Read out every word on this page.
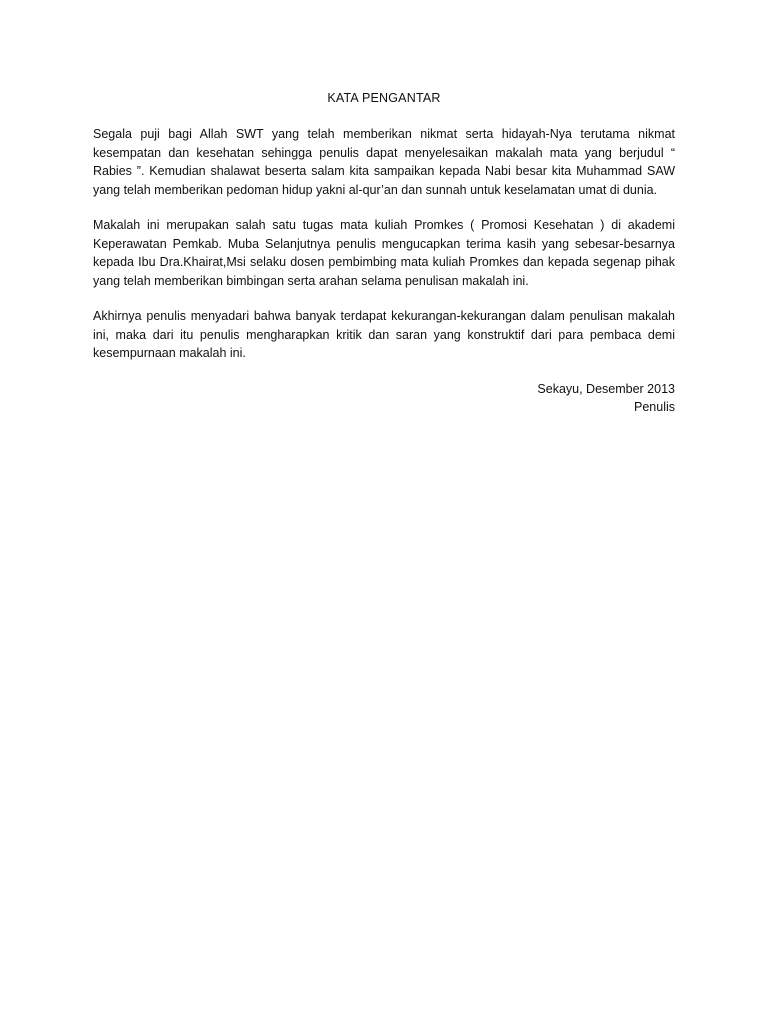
KATA PENGANTAR

Segala puji bagi Allah SWT yang telah memberikan nikmat serta hidayah-Nya terutama nikmat kesempatan dan kesehatan sehingga penulis dapat menyelesaikan makalah mata yang berjudul “ Rabies ”. Kemudian shalawat beserta salam kita sampaikan kepada Nabi besar kita Muhammad SAW yang telah memberikan pedoman hidup yakni al-qur’an dan sunnah untuk keselamatan umat di dunia.

Makalah ini merupakan salah satu tugas mata kuliah Promkes ( Promosi Kesehatan ) di akademi Keperawatan Pemkab. Muba Selanjutnya penulis mengucapkan terima kasih yang sebesar-besarnya kepada Ibu Dra.Khairat,Msi selaku dosen pembimbing mata kuliah Promkes dan kepada segenap pihak yang telah memberikan bimbingan serta arahan selama penulisan makalah ini.

Akhirnya penulis menyadari bahwa banyak terdapat kekurangan-kekurangan dalam penulisan makalah ini, maka dari itu penulis mengharapkan kritik dan saran yang konstruktif dari para pembaca demi kesempurnaan makalah ini.

Sekayu, Desember 2013

Penulis
